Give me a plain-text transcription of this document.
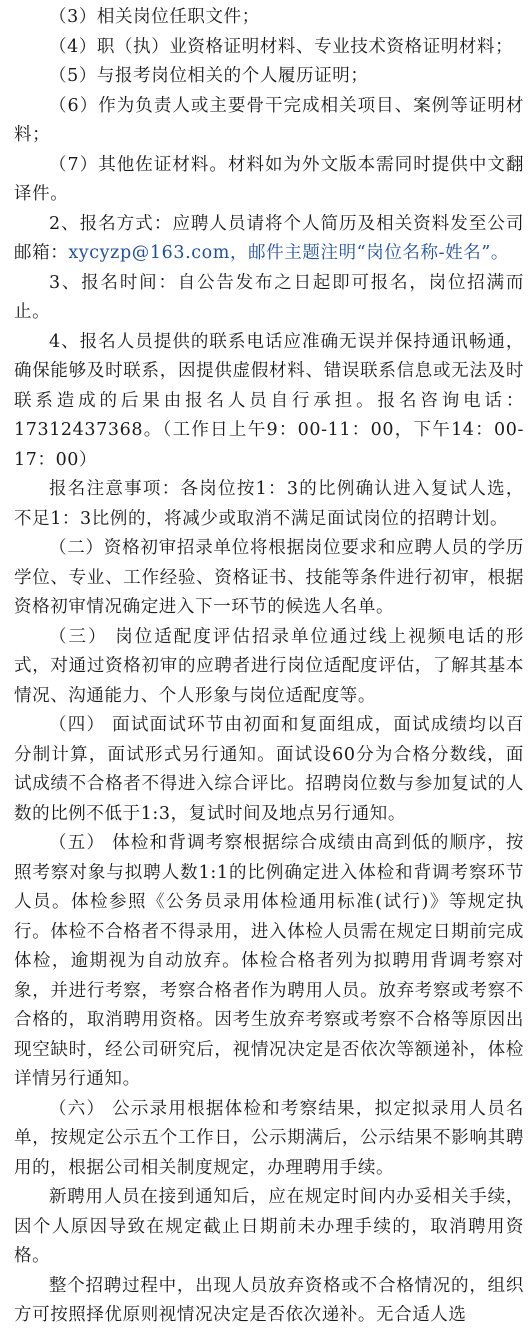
（3）相关岗位任职文件；

（4）职（执）业资格证明材料、专业技术资格证明材料；

（5）与报考岗位相关的个人履历证明；

（6）作为负责人或主要骨干完成相关项目、案例等证明材料；

（7）其他佐证材料。材料如为外文版本需同时提供中文翻译件。

2、报名方式：应聘人员请将个人简历及相关资料发至公司邮箱：xycyzp@163.com，邮件主题注明“岗位名称-姓名”。

3、报名时间：自公告发布之日起即可报名，岗位招满而止。

4、报名人员提供的联系电话应准确无误并保持通讯畅通，确保能够及时联系，因提供虚假材料、错误联系信息或无法及时联系造成的后果由报名人员自行承担。报名咨询电话：17312437368。（工作日上午9：00-11：00，下午14：00-17：00）

报名注意事项：各岗位按1：3的比例确认进入复试人选，不足1：3比例的，将减少或取消不满足面试岗位的招聘计划。

（二）资格初审招录单位将根据岗位要求和应聘人员的学历学位、专业、工作经验、资格证书、技能等条件进行初审，根据资格初审情况确定进入下一环节的候选人名单。

（三） 岗位适配度评估招录单位通过线上视频电话的形式，对通过资格初审的应聘者进行岗位适配度评估，了解其基本情况、沟通能力、个人形象与岗位适配度等。

（四） 面试面试环节由初面和复面组成，面试成绩均以百分制计算，面试形式另行通知。面试设60分为合格分数线，面试成绩不合格者不得进入综合评比。招聘岗位数与参加复试的人数的比例不低于1:3，复试时间及地点另行通知。

（五） 体检和背调考察根据综合成绩由高到低的顺序，按照考察对象与拟聘人数1:1的比例确定进入体检和背调考察环节人员。体检参照《公务员录用体检通用标准(试行)》等规定执行。体检不合格者不得录用，进入体检人员需在规定日期前完成体检，逾期视为自动放弃。体检合格者列为拟聘用背调考察对象，并进行考察，考察合格者作为聘用人员。放弃考察或考察不合格的，取消聘用资格。因考生放弃考察或考察不合格等原因出现空缺时，经公司研究后，视情况决定是否依次等额递补，体检详情另行通知。

（六） 公示录用根据体检和考察结果，拟定拟录用人员名单，按规定公示五个工作日，公示期满后，公示结果不影响其聘用的，根据公司相关制度规定，办理聘用手续。

新聘用人员在接到通知后，应在规定时间内办妥相关手续，因个人原因导致在规定截止日期前未办理手续的，取消聘用资格。

整个招聘过程中，出现人员放弃资格或不合格情况的，组织方可按照择优原则视情况决定是否依次递补。无合适人选
